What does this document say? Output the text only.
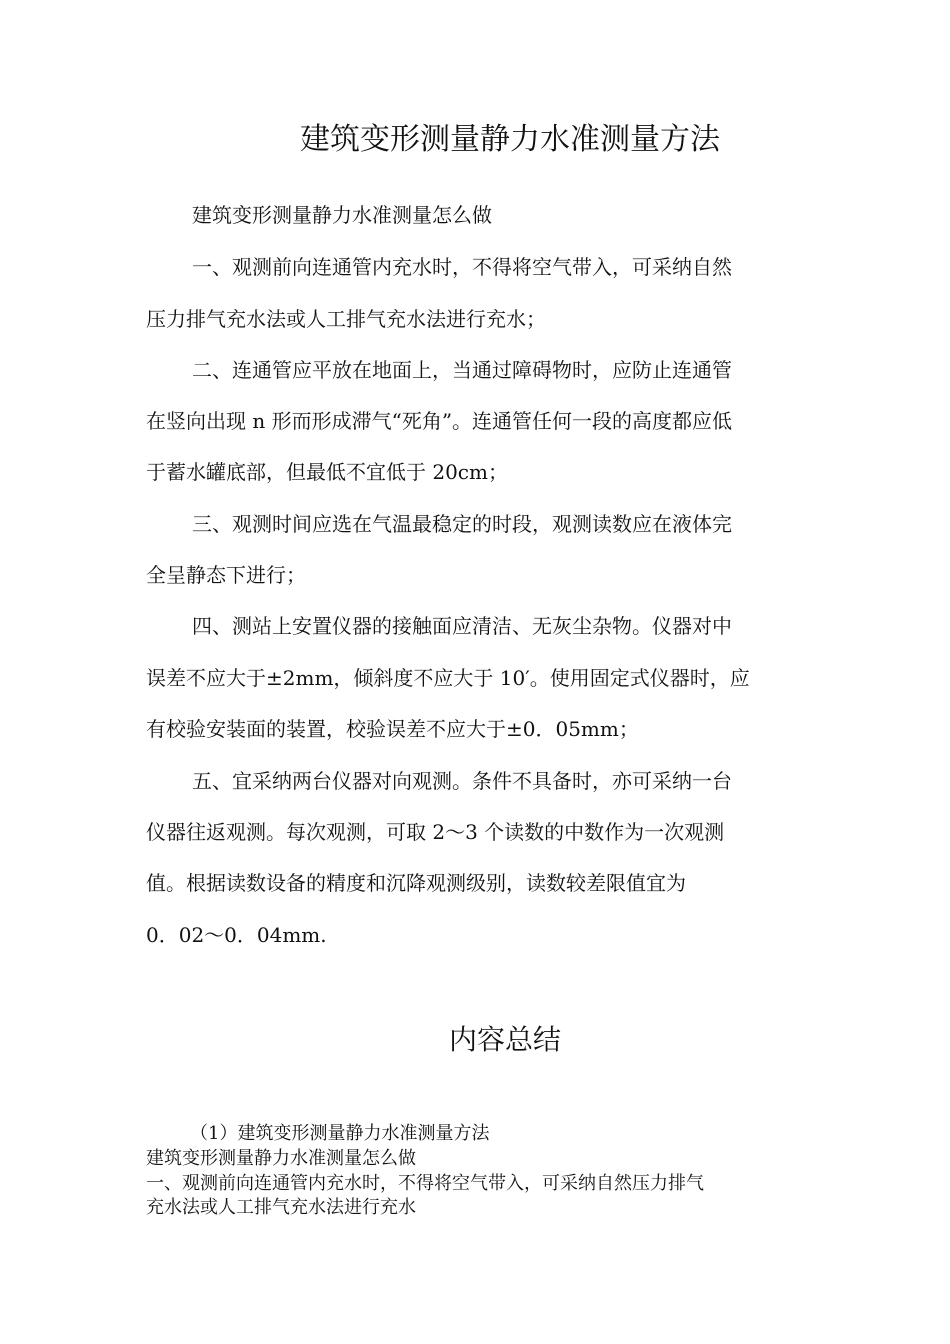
建筑变形测量静力水准测量方法

建筑变形测量静力水准测量怎么做

一、观测前向连通管内充水时，不得将空气带入，可采纳自然

压力排气充水法或人工排气充水法进行充水；

二、连通管应平放在地面上，当通过障碍物时，应防止连通管

在竖向出现 n 形而形成滞气“死角”。连通管任何一段的高度都应低

于蓄水罐底部，但最低不宜低于 20cm；

三、观测时间应选在气温最稳定的时段，观测读数应在液体完

全呈静态下进行；

四、测站上安置仪器的接触面应清洁、无灰尘杂物。仪器对中

误差不应大于±2mm，倾斜度不应大于 10′。使用固定式仪器时，应

有校验安装面的装置，校验误差不应大于±0．05mm；

五、宜采纳两台仪器对向观测。条件不具备时，亦可采纳一台

仪器往返观测。每次观测，可取 2～3 个读数的中数作为一次观测

值。根据读数设备的精度和沉降观测级别，读数较差限值宜为

0．02～0．04mm.

内容总结

（1）建筑变形测量静力水准测量方法

建筑变形测量静力水准测量怎么做

一、观测前向连通管内充水时，不得将空气带入，可采纳自然压力排气

充水法或人工排气充水法进行充水
